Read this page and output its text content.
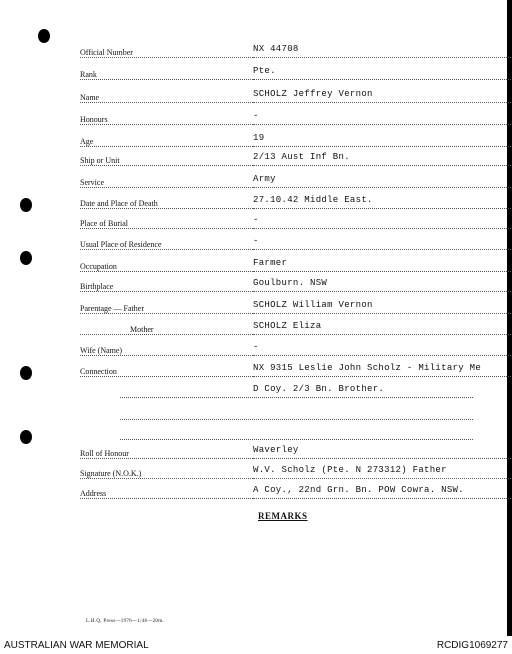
Official Number	NX 44708
Rank	Pte.
Name	SCHOLZ Jeffrey Vernon
Honours	-
Age	19
Ship or Unit	2/13 Aust Inf Bn.
Service	Army
Date and Place of Death	27.10.42 Middle East.
Place of Burial	-
Usual Place of Residence	-
Occupation	Farmer
Birthplace	Goulburn. NSW
Parentage — Father	SCHOLZ William Vernon
Mother	SCHOLZ Eliza
Wife (Name)	-
Connection	NX 9315 Leslie John Scholz - Military Me
D Coy. 2/3 Bn. Brother.
Roll of Honour	Waverley
Signature (N.O.K.)	W.V. Scholz (Pte. N 273312) Father
Address	A Coy., 22nd Grn. Bn. POW Cowra. NSW.
REMARKS
L.H.Q. Press—1976—1/46—20m.
AUSTRALIAN WAR MEMORIAL	RCDIG1069277
